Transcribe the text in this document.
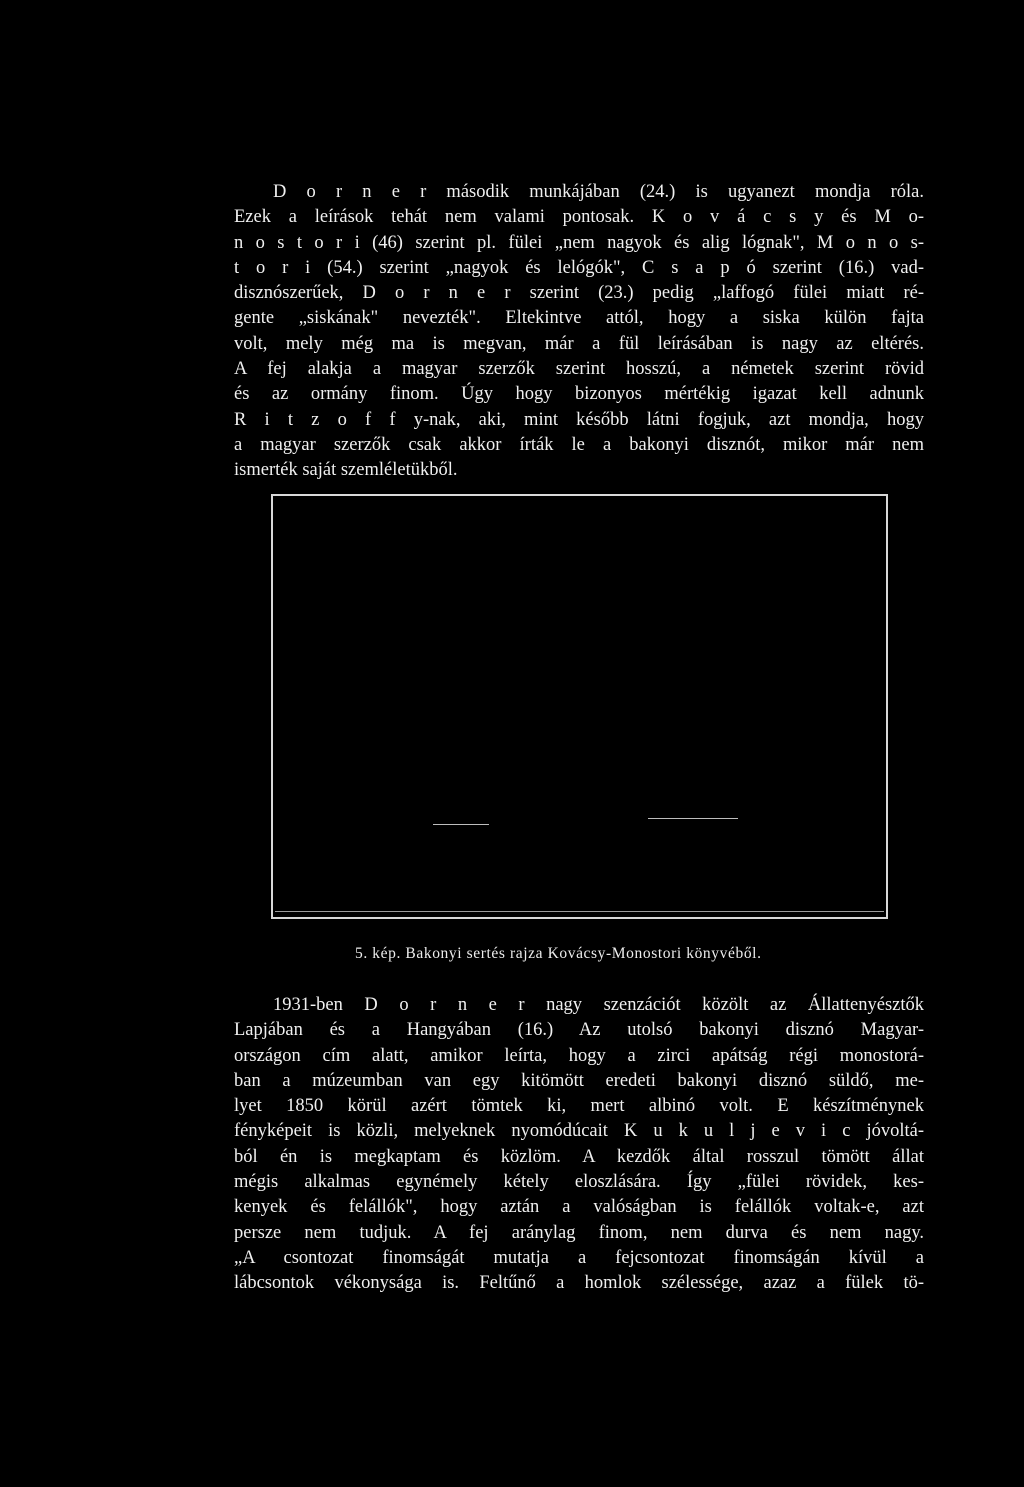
D o r n e r második munkájában (24.) is ugyanezt mondja róla.
Ezek a leírások tehát nem valami pontosak. K o v á c s y és M o-
n o s t o r i (46) szerint pl. fülei „nem nagyok és alig lógnak", M o n o s-
t o r i (54.) szerint „nagyok és lelógók", C s a p ó szerint (16.) vad-
disznószerűek, D o r n e r szerint (23.) pedig „laffogó fülei miatt ré-
gente „siskának" nevezték". Eltekintve attól, hogy a siska külön fajta
volt, mely még ma is megvan, már a fül leírásában is nagy az eltérés.
A fej alakja a magyar szerzők szerint hosszú, a németek szerint rövid
és az ormány finom. Úgy hogy bizonyos mértékig igazat kell adnunk
R i t z o f f y-nak, aki, mint később látni fogjuk, azt mondja, hogy
a magyar szerzők csak akkor írták le a bakonyi disznót, mikor már nem
ismerték saját szemléletükből.
5. kép. Bakonyi sertés rajza Kovácsy-Monostori könyvéből.
1931-ben D o r n e r nagy szenzációt közölt az Állattenyésztők
Lapjában és a Hangyában (16.) Az utolsó bakonyi disznó Magyar-
országon cím alatt, amikor leírta, hogy a zirci apátság régi monostorá-
ban a múzeumban van egy kitömött eredeti bakonyi disznó süldő, me-
lyet 1850 körül azért tömtek ki, mert albinó volt. E készítménynek
fényképeit is közli, melyeknek nyomódúcait K u k u l j e v i c jóvoltá-
ból én is megkaptam és közlöm. A kezdők által rosszul tömött állat
mégis alkalmas egynémely kétely eloszlására. Így „fülei rövidek, kes-
kenyek és felállók", hogy aztán a valóságban is felállók voltak-e, azt
persze nem tudjuk. A fej aránylag finom, nem durva és nem nagy.
„A csontozat finomságát mutatja a fejcsontozat finomságán kívül a
lábcsontok vékonysága is. Feltűnő a homlok szélessége, azaz a fülek tö-
